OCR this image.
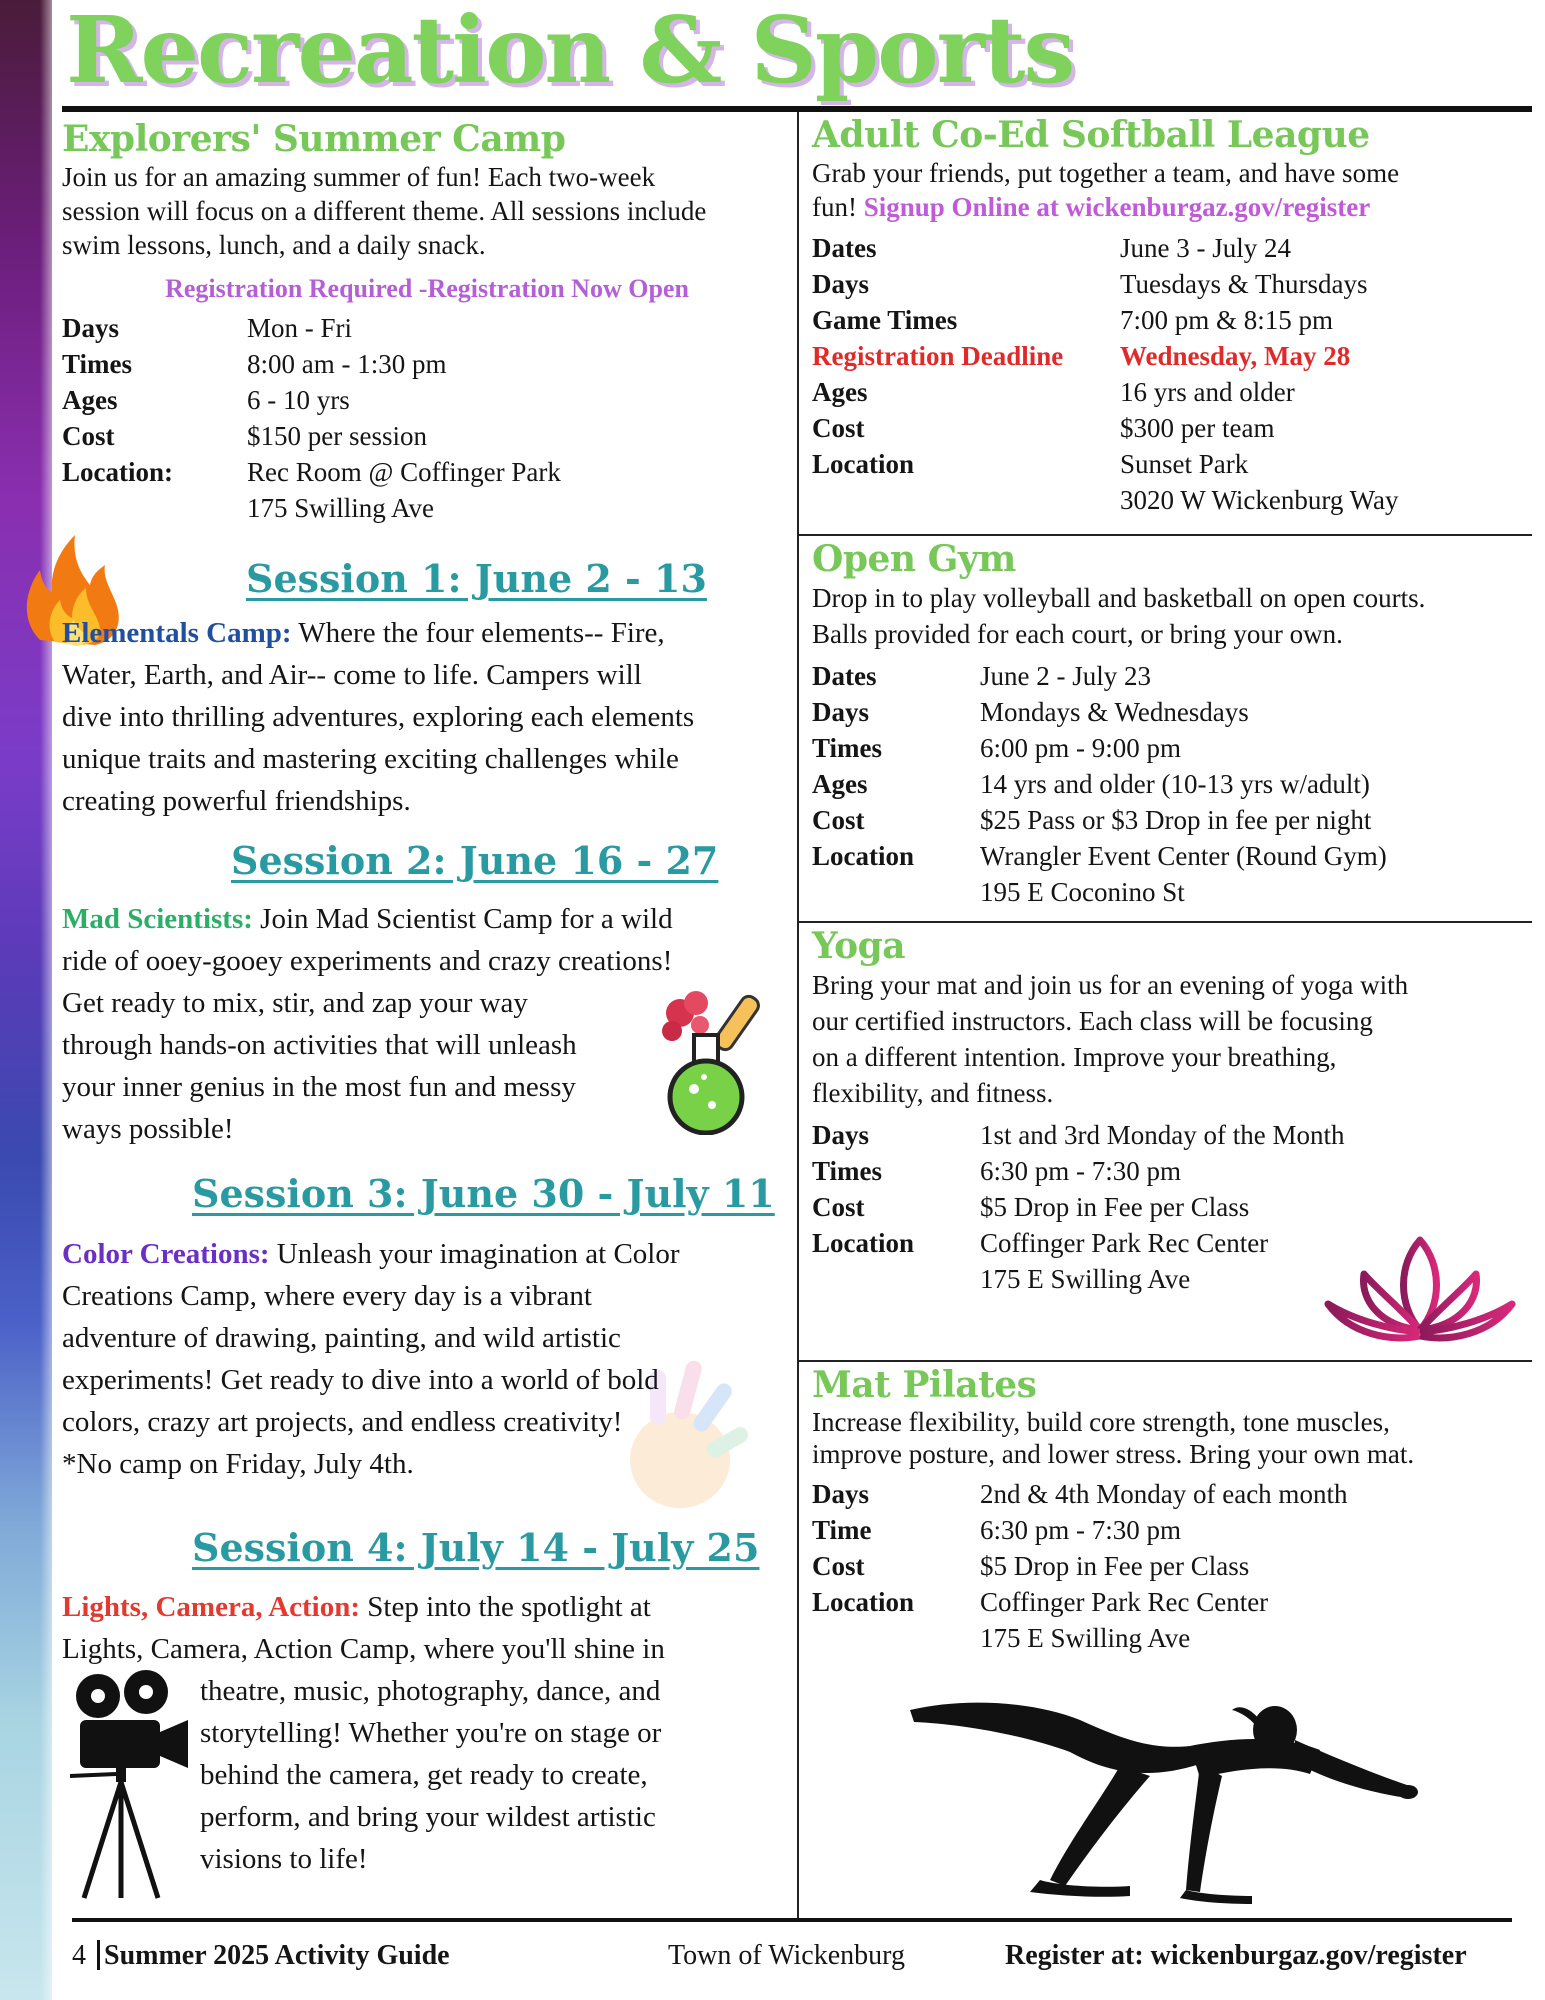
Recreation & Sports
Explorers' Summer Camp

Join us for an amazing summer of fun! Each two-week
session will focus on a different theme. All sessions include
swim lessons, lunch, and a daily snack.

Registration Required -Registration Now Open

Days	Mon - Fri
Times	8:00 am - 1:30 pm
Ages	6 - 10 yrs
Cost	$150 per session
Location:	Rec Room @ Coffinger Park
	175 Swilling Ave
Session 1: June 2 - 13

Elementals Camp: Where the four elements-- Fire,
Water, Earth, and Air-- come to life. Campers will
dive into thrilling adventures, exploring each elements
unique traits and mastering exciting challenges while
creating powerful friendships.

Session 2: June 16 - 27

Mad Scientists: Join Mad Scientist Camp for a wild
ride of ooey-gooey experiments and crazy creations!
Get ready to mix, stir, and zap your way
through hands-on activities that will unleash
your inner genius in the most fun and messy
ways possible!

Session 3: June 30 - July 11

Color Creations: Unleash your imagination at Color
Creations Camp, where every day is a vibrant
adventure of drawing, painting, and wild artistic
experiments! Get ready to dive into a world of bold
colors, crazy art projects, and endless creativity!
*No camp on Friday, July 4th.

Session 4: July 14 - July 25

Lights, Camera, Action: Step into the spotlight at
Lights, Camera, Action Camp, where you'll shine in

theatre, music, photography, dance, and
storytelling! Whether you're on stage or
behind the camera, get ready to create,
perform, and bring your wildest artistic
visions to life!

Adult Co-Ed Softball League

Grab your friends, put together a team, and have some
fun! Signup Online at wickenburgaz.gov/register

Dates	June 3 - July 24
Days	Tuesdays & Thursdays
Game Times	7:00 pm & 8:15 pm
Registration Deadline	Wednesday, May 28
Ages	16 yrs and older
Cost	$300 per team
Location	Sunset Park
	3020 W Wickenburg Way
Open Gym

Drop in to play volleyball and basketball on open courts.
Balls provided for each court, or bring your own.

Dates	June 2 - July 23
Days	Mondays & Wednesdays
Times	6:00 pm - 9:00 pm
Ages	14 yrs and older (10-13 yrs w/adult)
Cost	$25 Pass or $3 Drop in fee per night
Location	Wrangler Event Center (Round Gym)
	195 E Coconino St
Yoga

Bring your mat and join us for an evening of yoga with
our certified instructors. Each class will be focusing
on a different intention. Improve your breathing,
flexibility, and fitness.

Days	1st and 3rd Monday of the Month
Times	6:30 pm - 7:30 pm
Cost	$5 Drop in Fee per Class
Location	Coffinger Park Rec Center
	175 E Swilling Ave
Mat Pilates

Increase flexibility, build core strength, tone muscles,
improve posture, and lower stress. Bring your own mat.

Days	2nd & 4th Monday of each month
Time	6:30 pm - 7:30 pm
Cost	$5 Drop in Fee per Class
Location	Coffinger Park Rec Center
	175 E Swilling Ave
4 Summer 2025 Activity Guide	Town of Wickenburg	Register at: wickenburgaz.gov/register
